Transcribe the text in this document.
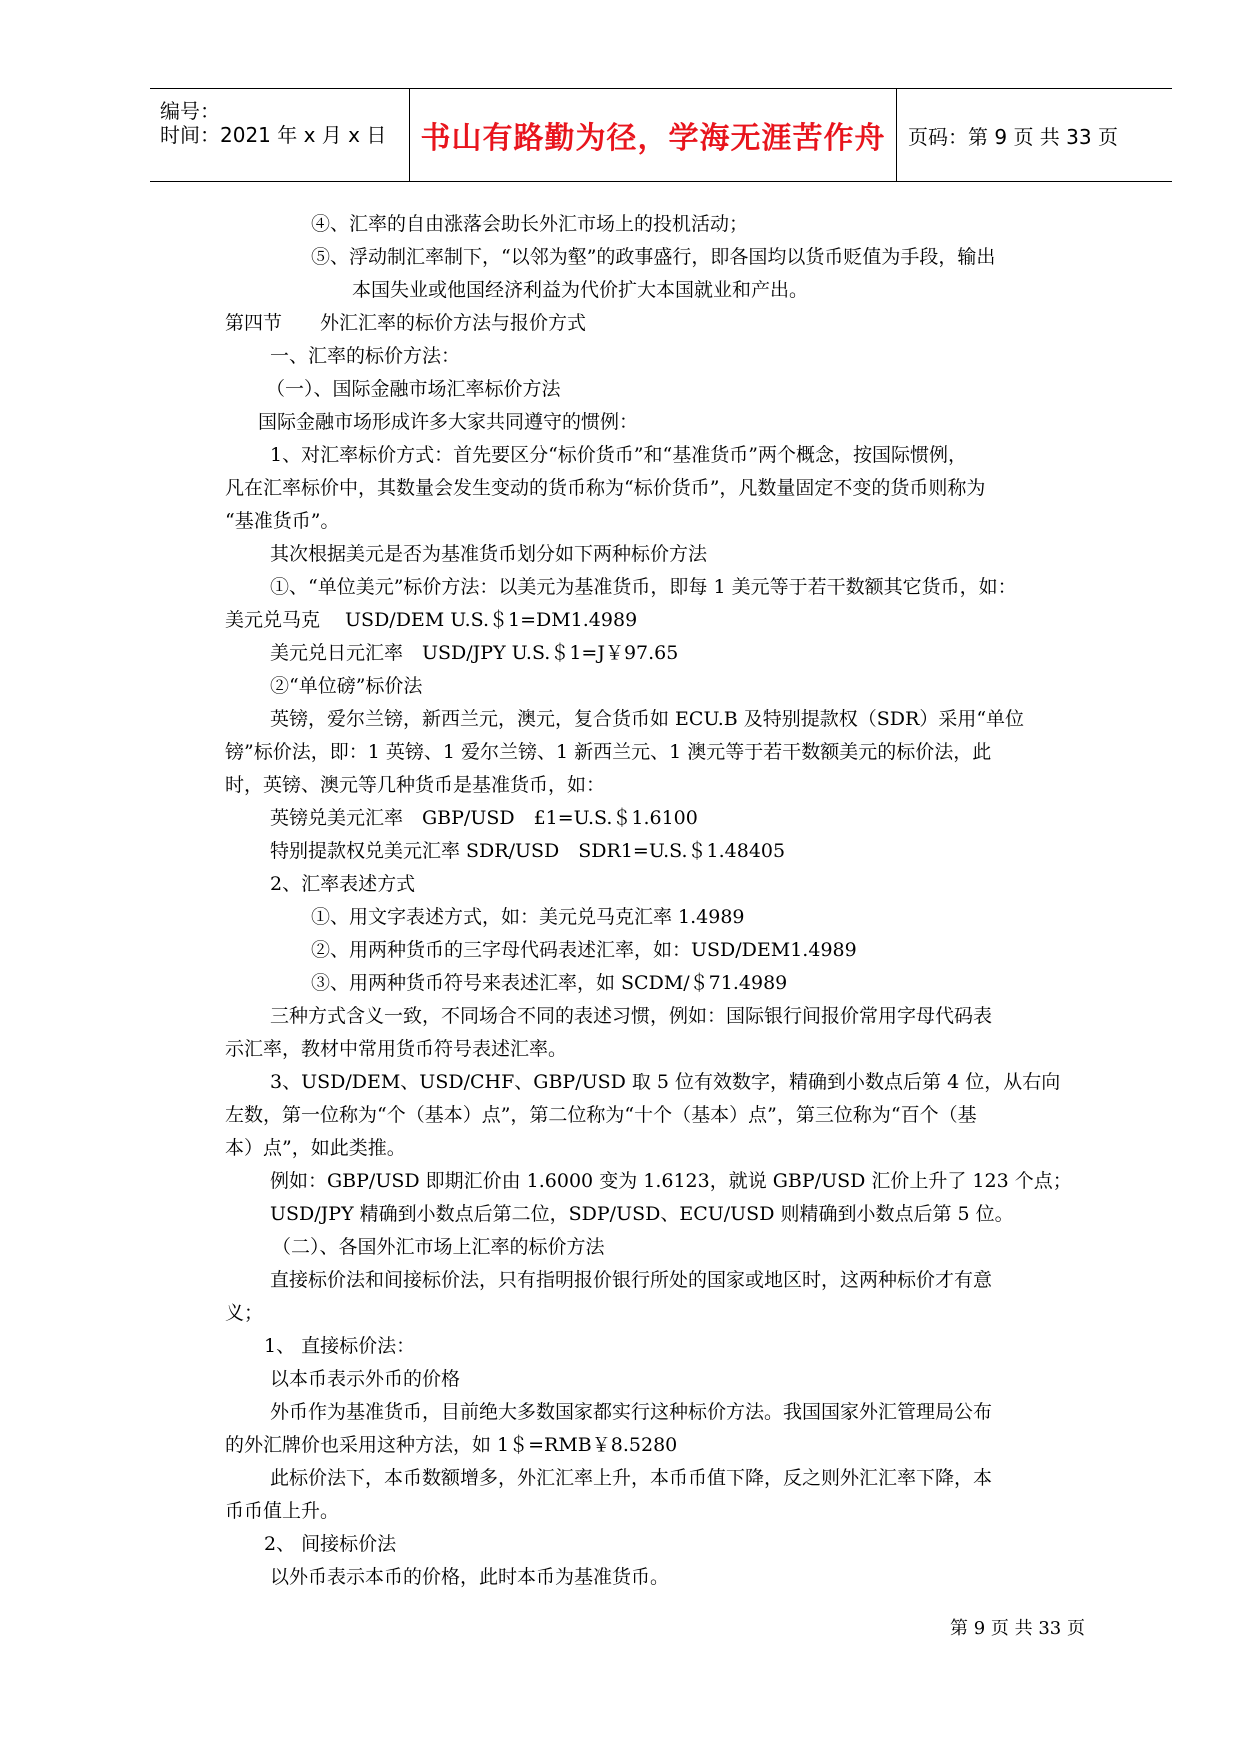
编号：
时间：2021 年 x 月 x 日	书山有路勤为径，学海无涯苦作舟	页码：第 9 页 共 33 页
④、汇率的自由涨落会助长外汇市场上的投机活动；
⑤、浮动制汇率制下，“以邻为壑”的政事盛行，即各国均以货币贬值为手段，输出
本国失业或他国经济利益为代价扩大本国就业和产出。
第四节　　外汇汇率的标价方法与报价方式
一、汇率的标价方法：
（一）、国际金融市场汇率标价方法
国际金融市场形成许多大家共同遵守的惯例：
1、对汇率标价方式：首先要区分“标价货币”和“基准货币”两个概念，按国际惯例，
凡在汇率标价中，其数量会发生变动的货币称为“标价货币”，凡数量固定不变的货币则称为
“基准货币”。
其次根据美元是否为基准货币划分如下两种标价方法
①、“单位美元”标价方法：以美元为基准货币，即每 1 美元等于若干数额其它货币，如：
美元兑马克　 USD/DEM U.S.＄1=DM1.4989
美元兑日元汇率　USD/JPY U.S.＄1=J￥97.65
②“单位磅”标价法
英镑，爱尔兰镑，新西兰元，澳元，复合货币如 ECU.B 及特别提款权（SDR）采用“单位
镑”标价法，即：1 英镑、1 爱尔兰镑、1 新西兰元、1 澳元等于若干数额美元的标价法，此
时，英镑、澳元等几种货币是基准货币，如：
英镑兑美元汇率　GBP/USD　£1=U.S.＄1.6100
特别提款权兑美元汇率 SDR/USD　SDR1=U.S.＄1.48405
2、汇率表述方式
①、用文字表述方式，如：美元兑马克汇率 1.4989
②、用两种货币的三字母代码表述汇率，如：USD/DEM1.4989
③、用两种货币符号来表述汇率，如 SCDM/＄71.4989
三种方式含义一致，不同场合不同的表述习惯，例如：国际银行间报价常用字母代码表
示汇率，教材中常用货币符号表述汇率。
3、USD/DEM、USD/CHF、GBP/USD 取 5 位有效数字，精确到小数点后第 4 位，从右向
左数，第一位称为“个（基本）点”，第二位称为“十个（基本）点”，第三位称为“百个（基
本）点”，如此类推。
例如：GBP/USD 即期汇价由 1.6000 变为 1.6123，就说 GBP/USD 汇价上升了 123 个点；
USD/JPY 精确到小数点后第二位，SDP/USD、ECU/USD 则精确到小数点后第 5 位。
（二）、各国外汇市场上汇率的标价方法
直接标价法和间接标价法，只有指明报价银行所处的国家或地区时，这两种标价才有意
义；
1、 直接标价法：
以本币表示外币的价格
外币作为基准货币，目前绝大多数国家都实行这种标价方法。我国国家外汇管理局公布
的外汇牌价也采用这种方法，如 1＄=RMB￥8.5280
此标价法下，本币数额增多，外汇汇率上升，本币币值下降，反之则外汇汇率下降，本
币币值上升。
2、 间接标价法
以外币表示本币的价格，此时本币为基准货币。
第 9 页 共 33 页
